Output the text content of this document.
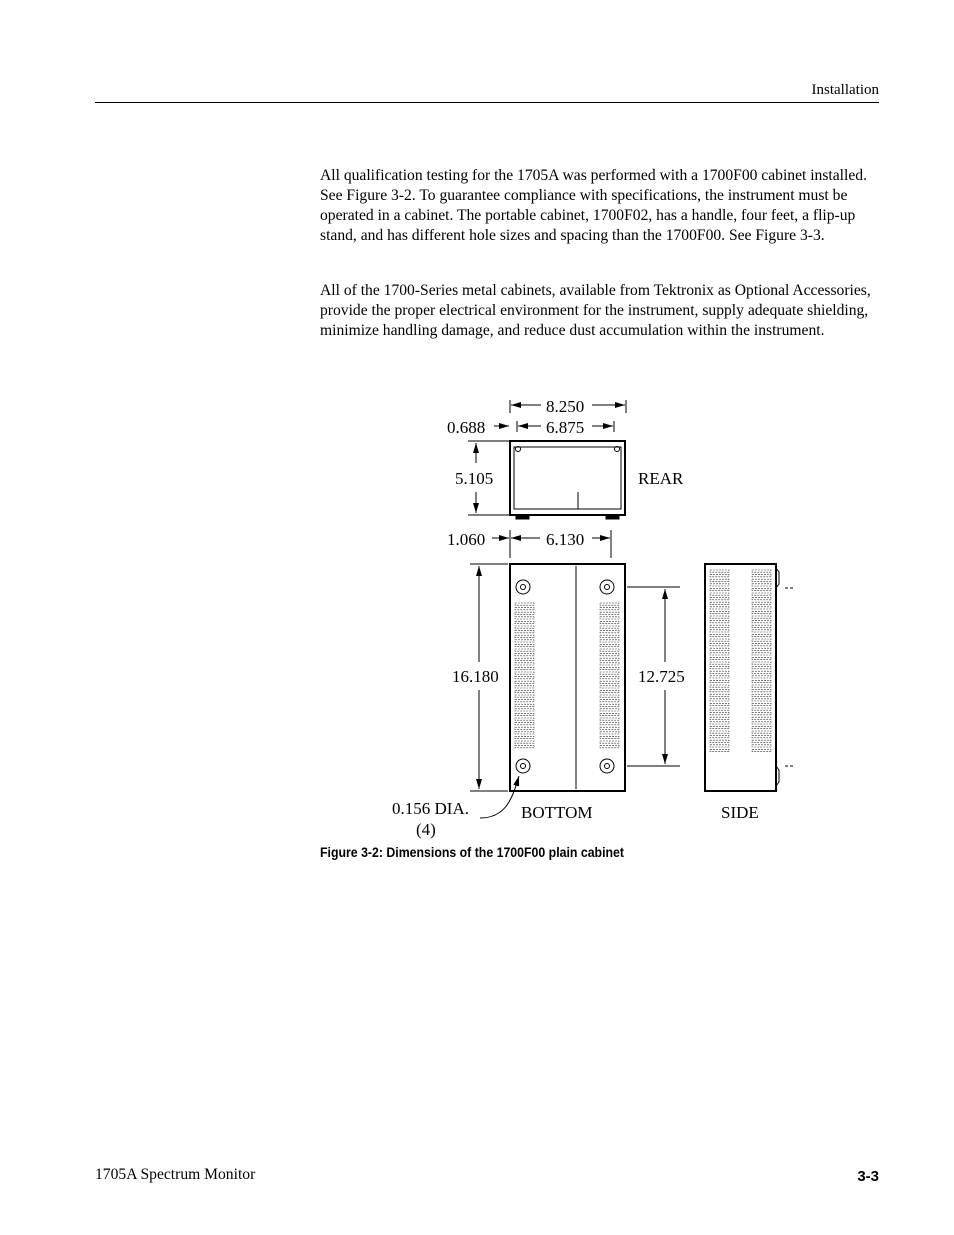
Installation

All qualification testing for the 1705A was performed with a 1700F00 cabinet installed. See Figure 3-2. To guarantee compliance with specifications, the instrument must be operated in a cabinet. The portable cabinet, 1700F02, has a handle, four feet, a flip-up stand, and has different hole sizes and spacing than the 1700F00. See Figure 3-3.

All of the 1700-Series metal cabinets, available from Tektronix as Optional Accessories, provide the proper electrical environment for the instrument, supply adequate shielding, minimize handling damage, and reduce dust accumulation within the instrument.

8.250
6.875
0.688
5.105	REAR
1.060	6.130
16.180	12.725
0.156 DIA.
(4)
BOTTOM	SIDE
Figure 3-2: Dimensions of the 1700F00 plain cabinet
1705A Spectrum Monitor	3-3
